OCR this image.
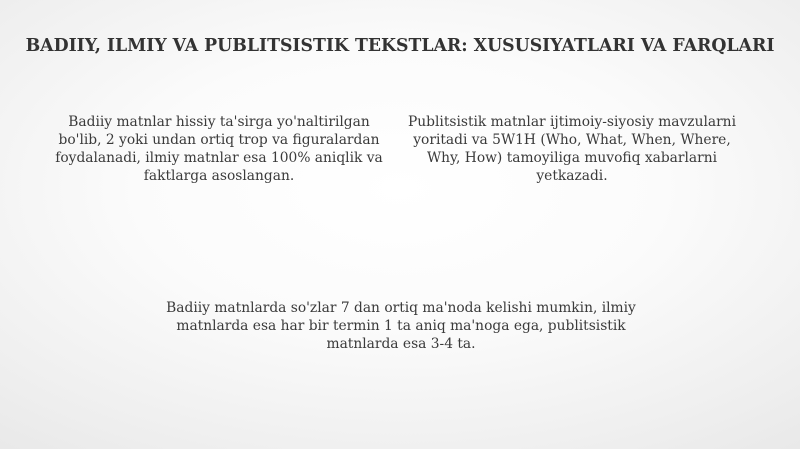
BADIIY, ILMIY VA PUBLITSISTIK TEKSTLAR: XUSUSIYATLARI VA FARQLARI

Badiiy matnlar hissiy ta'sirga yo'naltirilgan bo'lib, 2 yoki undan ortiq trop va figuralardan foydalanadi, ilmiy matnlar esa 100% aniqlik va faktlarga asoslangan.

Publitsistik matnlar ijtimoiy-siyosiy mavzularni yoritadi va 5W1H (Who, What, When, Where, Why, How) tamoyiliga muvofiq xabarlarni yetkazadi.

Badiiy matnlarda so'zlar 7 dan ortiq ma'noda kelishi mumkin, ilmiy matnlarda esa har bir termin 1 ta aniq ma'noga ega, publitsistik matnlarda esa 3-4 ta.
